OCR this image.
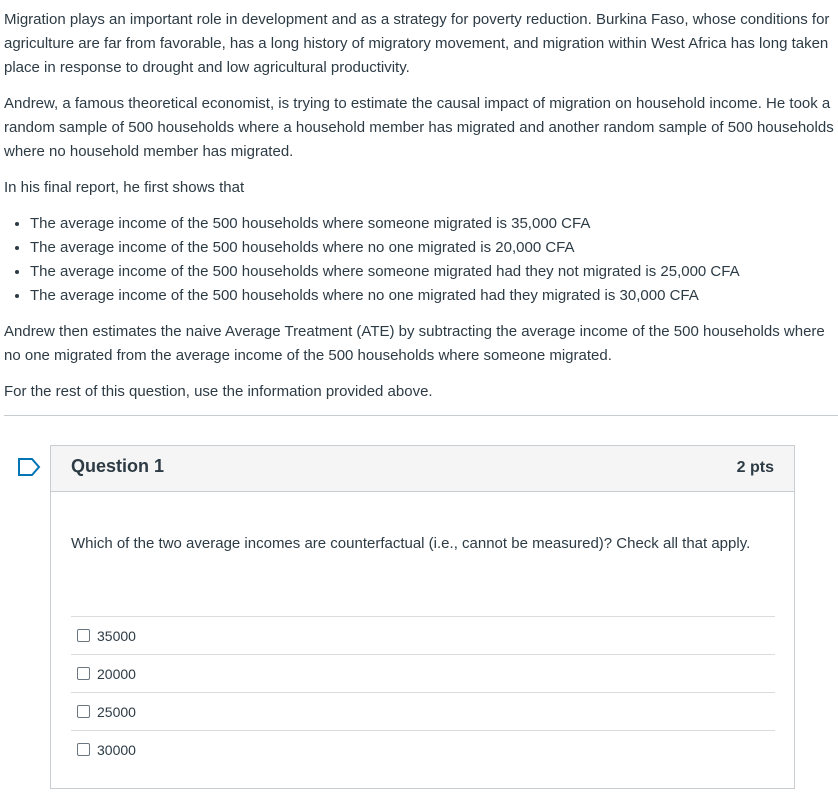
Migration plays an important role in development and as a strategy for poverty reduction. Burkina Faso, whose conditions for agriculture are far from favorable, has a long history of migratory movement, and migration within West Africa has long taken place in response to drought and low agricultural productivity.

Andrew, a famous theoretical economist, is trying to estimate the causal impact of migration on household income. He took a random sample of 500 households where a household member has migrated and another random sample of 500 households where no household member has migrated.

In his final report, he first shows that

• The average income of the 500 households where someone migrated is 35,000 CFA
• The average income of the 500 households where no one migrated is 20,000 CFA
• The average income of the 500 households where someone migrated had they not migrated is 25,000 CFA
• The average income of the 500 households where no one migrated had they migrated is 30,000 CFA

Andrew then estimates the naive Average Treatment (ATE) by subtracting the average income of the 500 households where no one migrated from the average income of the 500 households where someone migrated.

For the rest of this question, use the information provided above.

Question 1	2 pts
Which of the two average incomes are counterfactual (i.e., cannot be measured)? Check all that apply.
35000
20000
25000
30000
